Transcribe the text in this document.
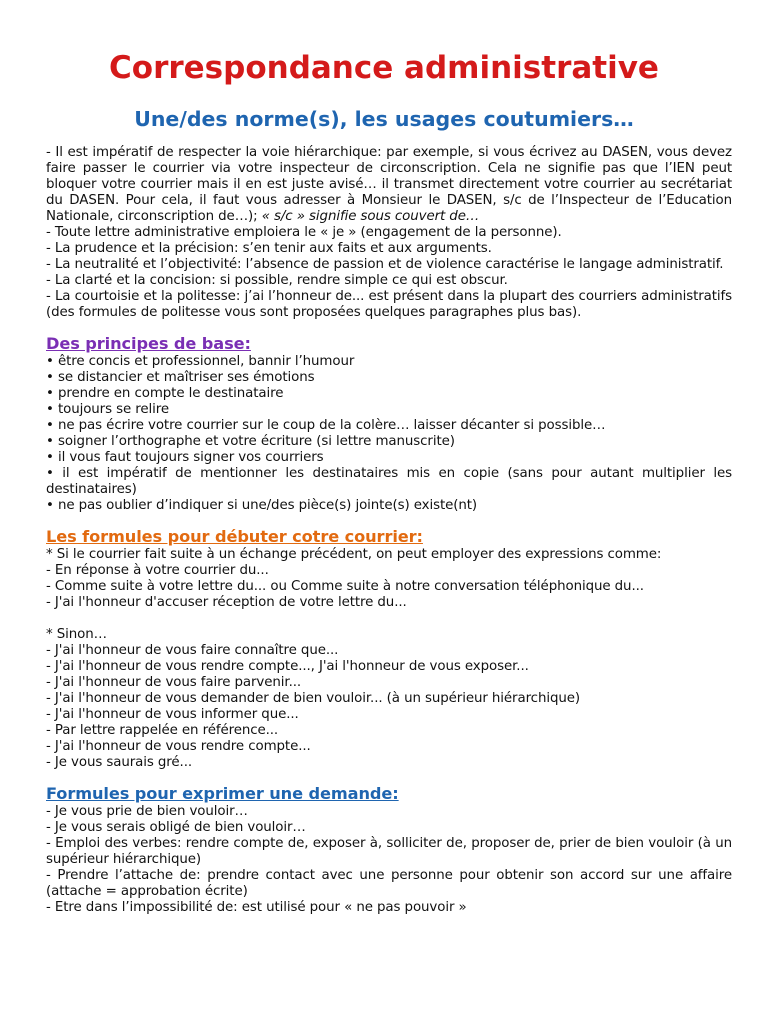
Correspondance administrative
Une/des norme(s), les usages coutumiers…

- Il est impératif de respecter la voie hiérarchique: par exemple, si vous écrivez au DASEN, vous devez faire passer le courrier via votre inspecteur de circonscription. Cela ne signifie pas que l’IEN peut bloquer votre courrier mais il en est juste avisé… il transmet directement votre courrier au secrétariat du DASEN. Pour cela, il faut vous adresser à Monsieur le DASEN, s/c de l’Inspecteur de l’Education Nationale, circonscription de…); « s/c » signifie sous couvert de…

- Toute lettre administrative emploiera le « je » (engagement de la personne).

- La prudence et la précision: s’en tenir aux faits et aux arguments.

- La neutralité et l’objectivité: l’absence de passion et de violence caractérise le langage administratif.

- La clarté et la concision: si possible, rendre simple ce qui est obscur.

- La courtoisie et la politesse: j’ai l’honneur de... est présent dans la plupart des courriers administratifs (des formules de politesse vous sont proposées quelques paragraphes plus bas).

Des principes de base:

• être concis et professionnel, bannir l’humour

• se distancier et maîtriser ses émotions

• prendre en compte le destinataire

• toujours se relire

• ne pas écrire votre courrier sur le coup de la colère… laisser décanter si possible…

• soigner l’orthographe et votre écriture (si lettre manuscrite)

• il vous faut toujours signer vos courriers

• il est impératif de mentionner les destinataires mis en copie (sans pour autant multiplier les destinataires)

• ne pas oublier d’indiquer si une/des pièce(s) jointe(s) existe(nt)

Les formules pour débuter cotre courrier:

* Si le courrier fait suite à un échange précédent, on peut employer des expressions comme:

- En réponse à votre courrier du...

- Comme suite à votre lettre du... ou Comme suite à notre conversation téléphonique du...

- J'ai l'honneur d'accuser réception de votre lettre du...

* Sinon…

- J'ai l'honneur de vous faire connaître que...

- J'ai l'honneur de vous rendre compte..., J'ai l'honneur de vous exposer...

- J'ai l'honneur de vous faire parvenir...

- J'ai l'honneur de vous demander de bien vouloir... (à un supérieur hiérarchique)

- J'ai l'honneur de vous informer que...

- Par lettre rappelée en référence...

- J'ai l'honneur de vous rendre compte...

- Je vous saurais gré...

Formules pour exprimer une demande:

- Je vous prie de bien vouloir…

- Je vous serais obligé de bien vouloir…

- Emploi des verbes: rendre compte de, exposer à, solliciter de, proposer de, prier de bien vouloir (à un supérieur hiérarchique)

- Prendre l’attache de: prendre contact avec une personne pour obtenir son accord sur une affaire (attache = approbation écrite)

- Etre dans l’impossibilité de: est utilisé pour « ne pas pouvoir »
